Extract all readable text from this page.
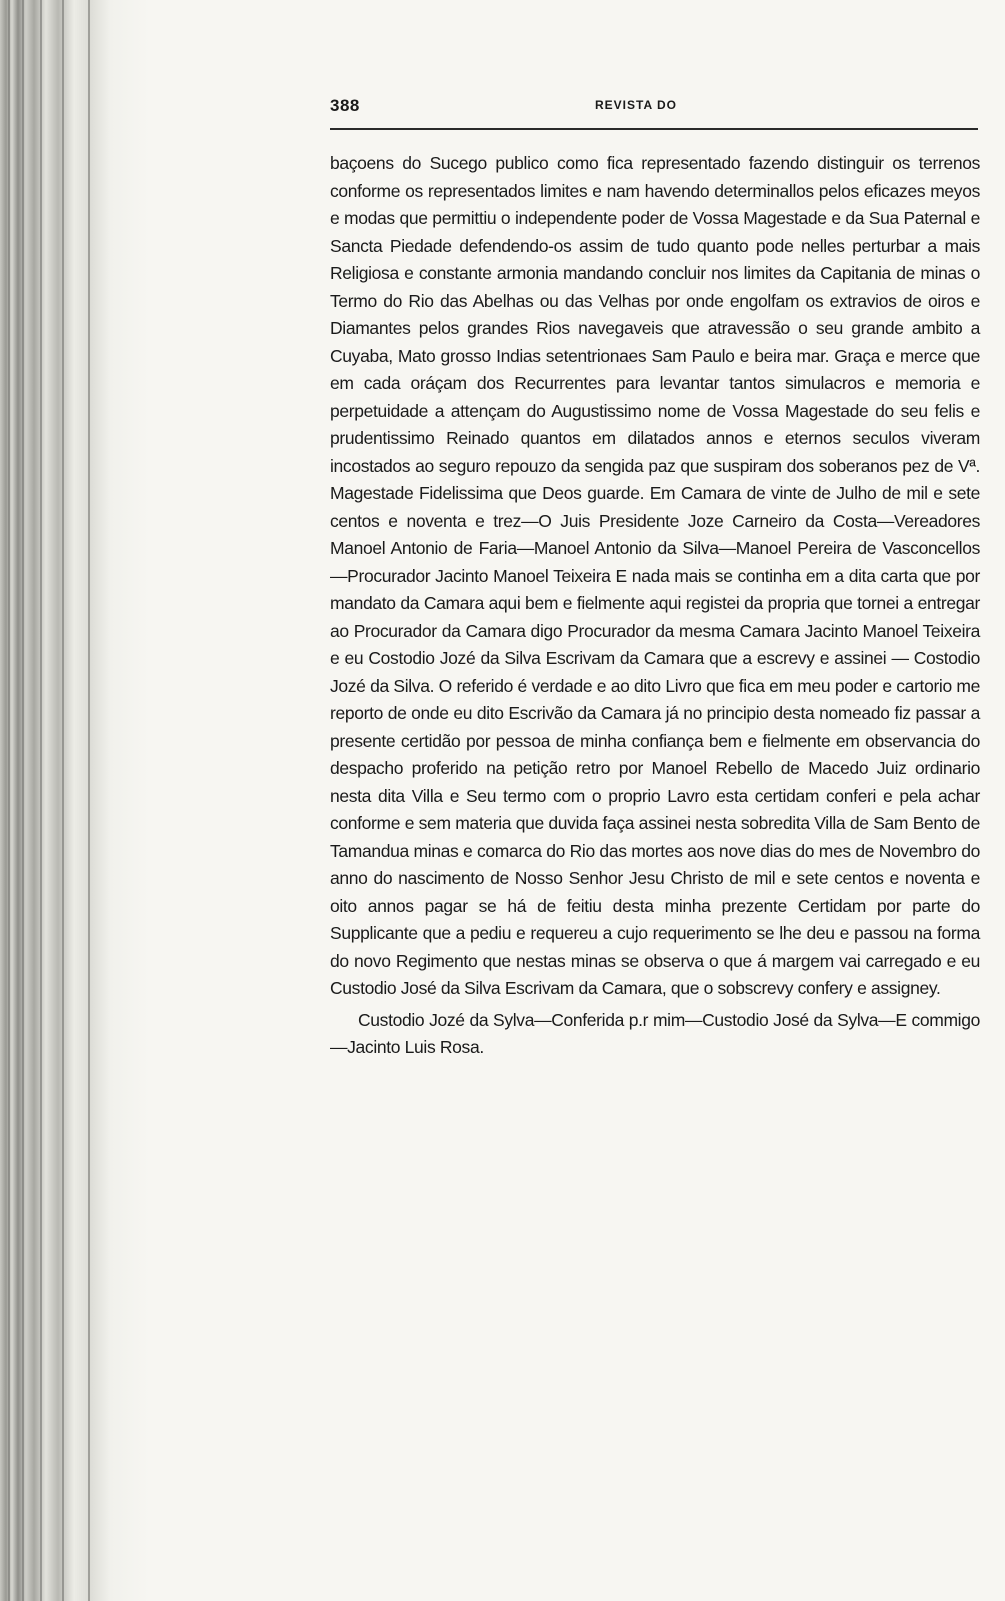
388	REVISTA DO

baçoens do Sucego publico como fica representado fazendo distinguir os terrenos conforme os representados limites e nam havendo determinallos pelos eficazes meyos e modas que permittiu o independente poder de Vossa Magestade e da Sua Paternal e Sancta Piedade defendendo-os assim de tudo quanto pode nelles perturbar a mais Religiosa e constante armonia mandando concluir nos limites da Capitania de minas o Termo do Rio das Abelhas ou das Velhas por onde engolfam os extravios de oiros e Diamantes pelos grandes Rios navegaveis que atravessão o seu grande ambito a Cuyaba, Mato grosso Indias setentrionaes Sam Paulo e beira mar. Graça e merce que em cada oráçam dos Recurrentes para levantar tantos simulacros e memoria e perpetuidade a attençam do Augustissimo nome de Vossa Magestade do seu felis e prudentissimo Reinado quantos em dilatados annos e eternos seculos viveram incostados ao seguro repouzo da sengida paz que suspiram dos soberanos pez de Vª. Magestade Fidelissima que Deos guarde. Em Camara de vinte de Julho de mil e sete centos e noventa e trez—O Juis Presidente Joze Carneiro da Costa—Vereadores Manoel Antonio de Faria—Manoel Antonio da Silva—Manoel Pereira de Vasconcellos—Procurador Jacinto Manoel Teixeira E nada mais se continha em a dita carta que por mandato da Camara aqui bem e fielmente aqui registei da propria que tornei a entregar ao Procurador da Camara digo Procurador da mesma Camara Jacinto Manoel Teixeira e eu Costodio Jozé da Silva Escrivam da Camara que a escrevy e assinei — Costodio Jozé da Silva. O referido é verdade e ao dito Livro que fica em meu poder e cartorio me reporto de onde eu dito Escrivão da Camara já no principio desta nomeado fiz passar a presente certidão por pessoa de minha confiança bem e fielmente em observancia do despacho proferido na petição retro por Manoel Rebello de Macedo Juiz ordinario nesta dita Villa e Seu termo com o proprio Lavro esta certidam conferi e pela achar conforme e sem materia que duvida faça assinei nesta sobredita Villa de Sam Bento de Tamandua minas e comarca do Rio das mortes aos nove dias do mes de Novembro do anno do nascimento de Nosso Senhor Jesu Christo de mil e sete centos e noventa e oito annos pagar se há de feitiu desta minha prezente Certidam por parte do Supplicante que a pediu e requereu a cujo requerimento se lhe deu e passou na forma do novo Regimento que nestas minas se observa o que á margem vai carregado e eu Custodio José da Silva Escrivam da Camara, que o sobscrevy confery e assigney.

Custodio Jozé da Sylva—Conferida p.r mim—Custodio José da Sylva—E commigo—Jacinto Luis Rosa.
